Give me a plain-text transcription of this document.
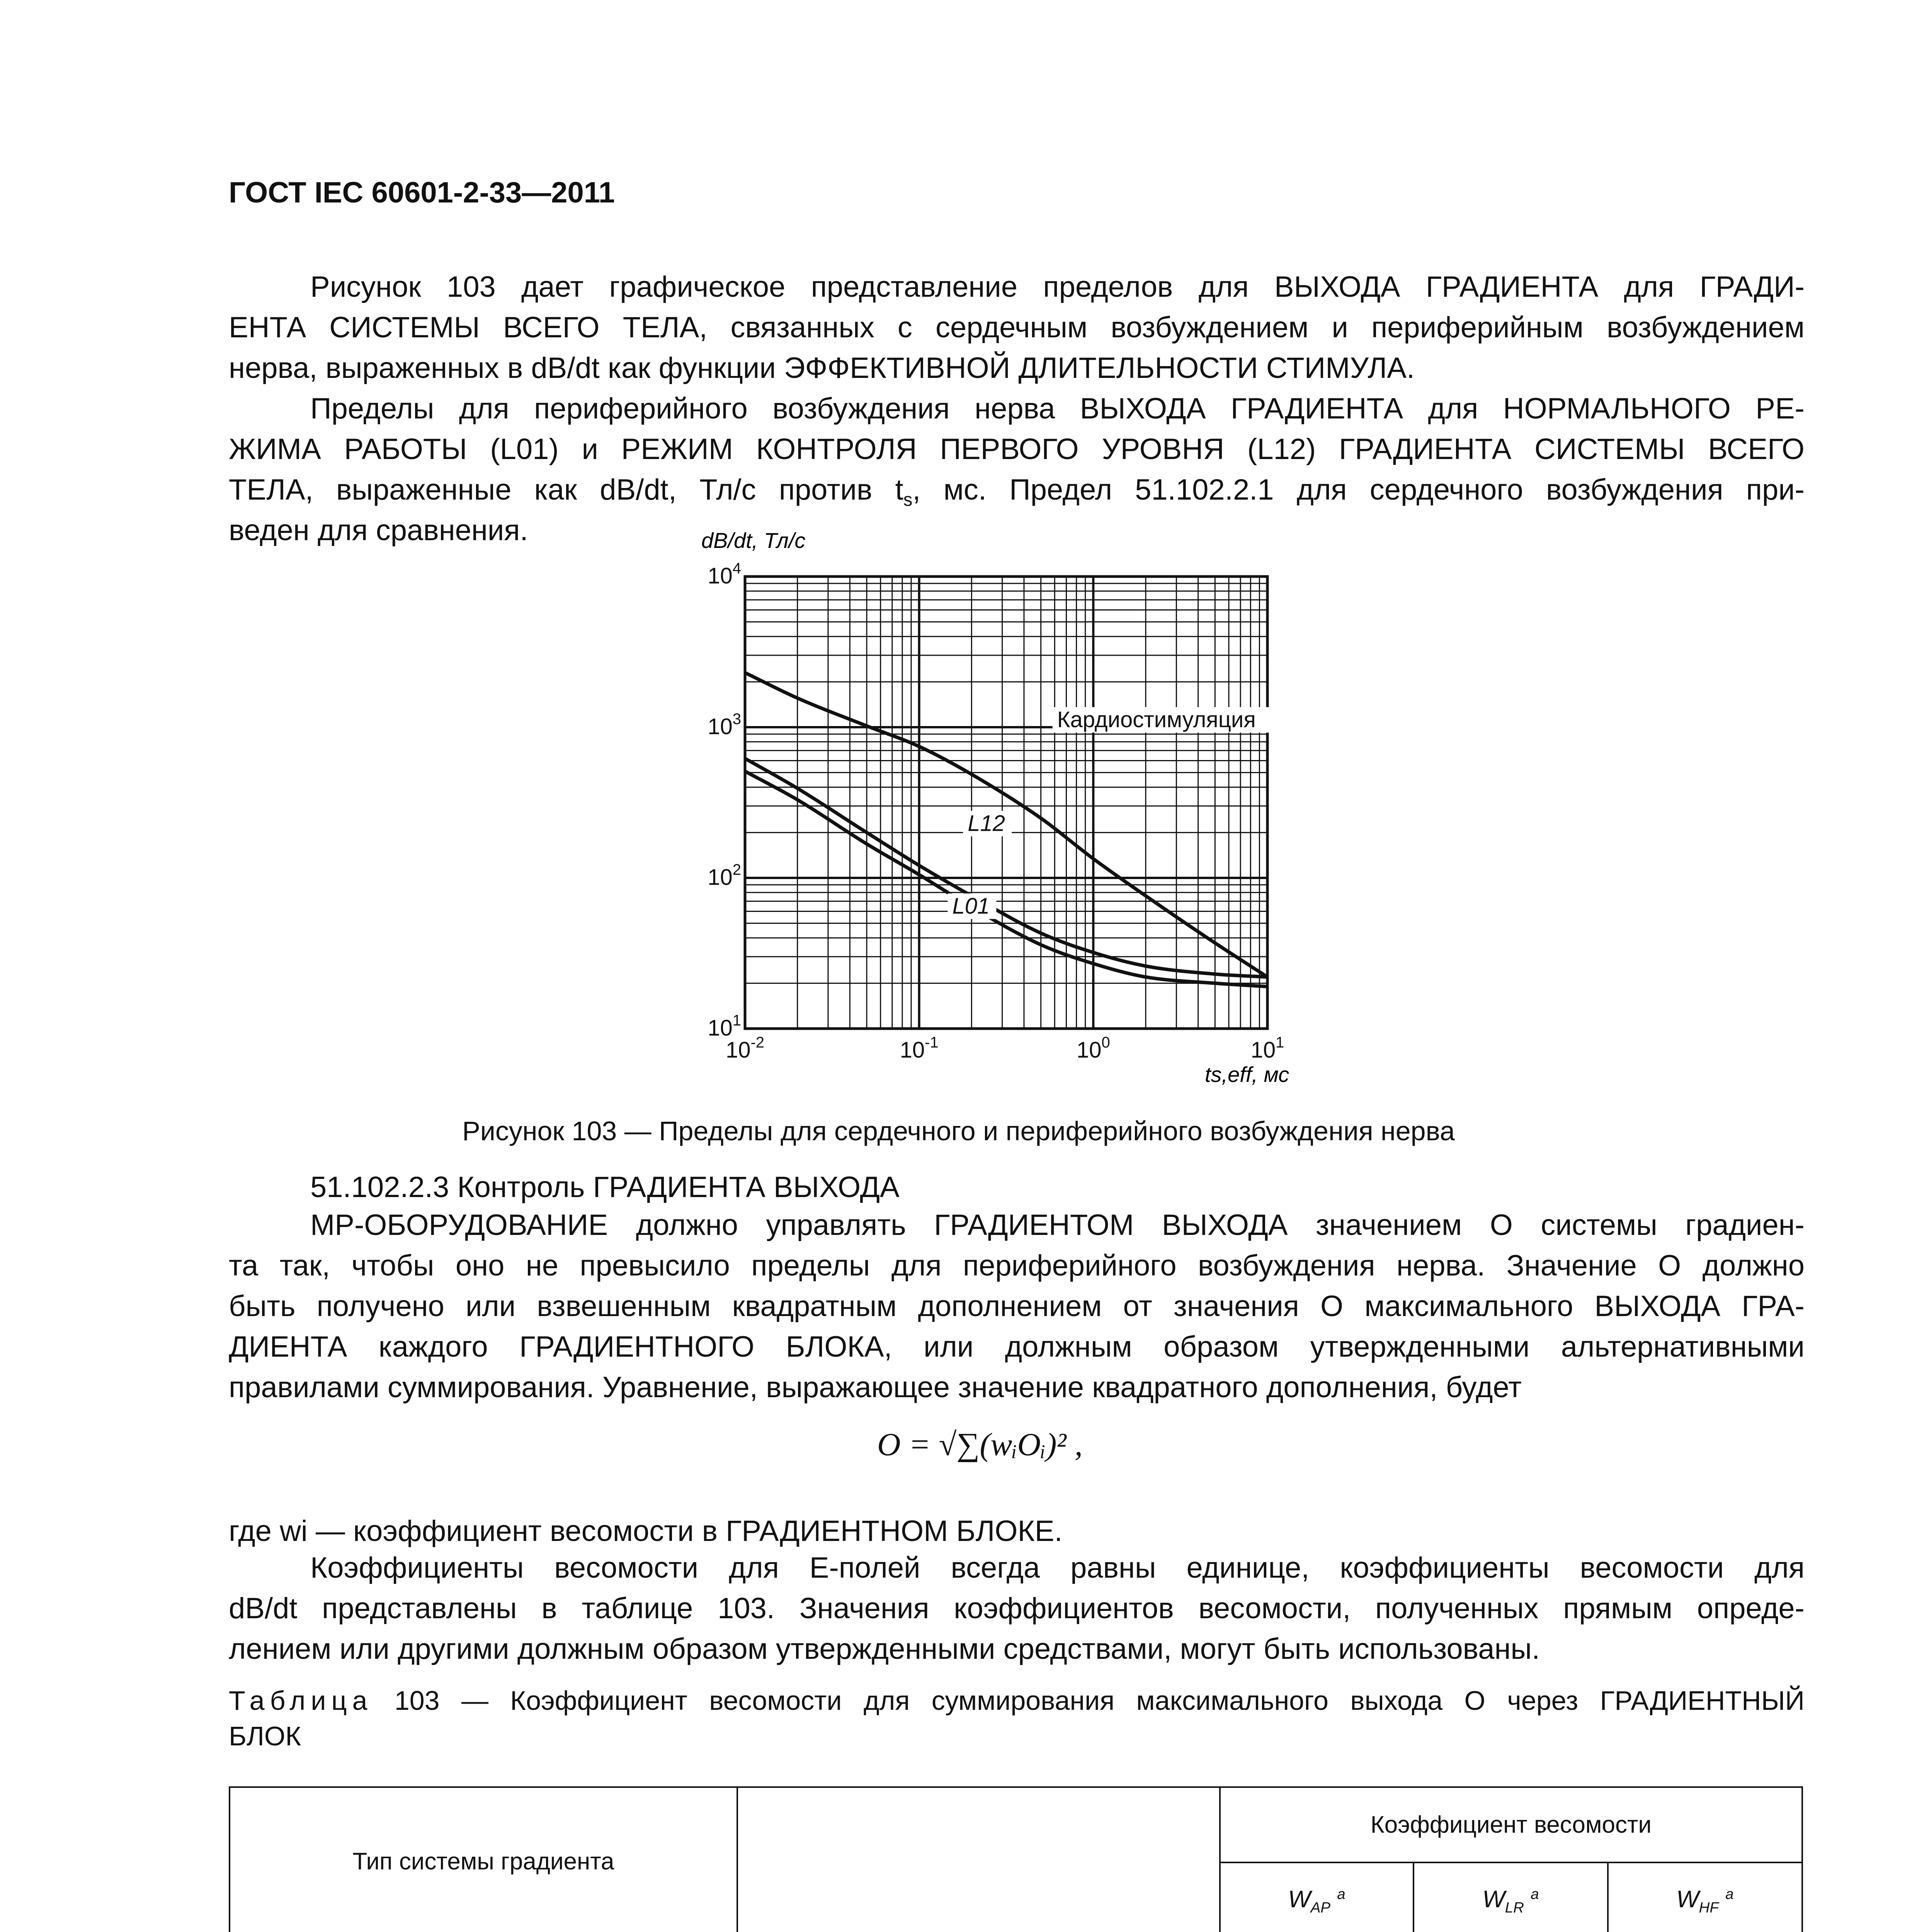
ГОСТ IEC 60601-2-33—2011
Рисунок 103 дает графическое представление пределов для ВЫХОДА ГРАДИЕНТА для ГРАДИ-
ЕНТА СИСТЕМЫ ВСЕГО ТЕЛА, связанных с сердечным возбуждением и периферийным возбуждением
нерва, выраженных в dB/dt как функции ЭФФЕКТИВНОЙ ДЛИТЕЛЬНОСТИ СТИМУЛА.
Пределы для периферийного возбуждения нерва ВЫХОДА ГРАДИЕНТА для НОРМАЛЬНОГО РЕ-
ЖИМА РАБОТЫ (L01) и РЕЖИМ КОНТРОЛЯ ПЕРВОГО УРОВНЯ (L12) ГРАДИЕНТА СИСТЕМЫ ВСЕГО
ТЕЛА, выраженные как dB/dt, Тл/с против $t_s$, мс. Предел 51.102.2.1 для сердечного возбуждения при-
веден для сравнения.	dB/dt, Тл/с
ts,eff, мс
$10^4$
$10^3$
$10^2$
$10^1$
$10^{-2}$	$10^{-1}$	$10^0$	$10^1$
Кардиостимуляция
L12
L01
Рисунок 103 — Пределы для сердечного и периферийного возбуждения нерва
51.102.2.3 Контроль ГРАДИЕНТА ВЫХОДА
МР-ОБОРУДОВАНИЕ должно управлять ГРАДИЕНТОМ ВЫХОДА значением O системы градиен-
та так, чтобы оно не превысило пределы для периферийного возбуждения нерва. Значение O должно
быть получено или взвешенным квадратным дополнением от значения O максимального ВЫХОДА ГРА-
ДИЕНТА каждого ГРАДИЕНТНОГО БЛОКА, или должным образом утвержденными альтернативными
правилами суммирования. Уравнение, выражающее значение квадратного дополнения, будет
O = √∑(wᵢOᵢ)² ,
где wi — коэффициент весомости в ГРАДИЕНТНОМ БЛОКЕ.
Коэффициенты весомости для E-полей всегда равны единице, коэффициенты весомости для
dB/dt представлены в таблице 103. Значения коэффициентов весомости, полученных прямым опреде-
лением или другими должным образом утвержденными средствами, могут быть использованы.
Таблица 103 — Коэффициент весомости для суммирования максимального выхода O через ГРАДИЕНТНЫЙ
БЛОК
Тип системы градиента		Коэффициент весомости		
		$W_{AP}$ $^a$	$W_{LR}$ $^a$	$W_{HF}$ $^a$
